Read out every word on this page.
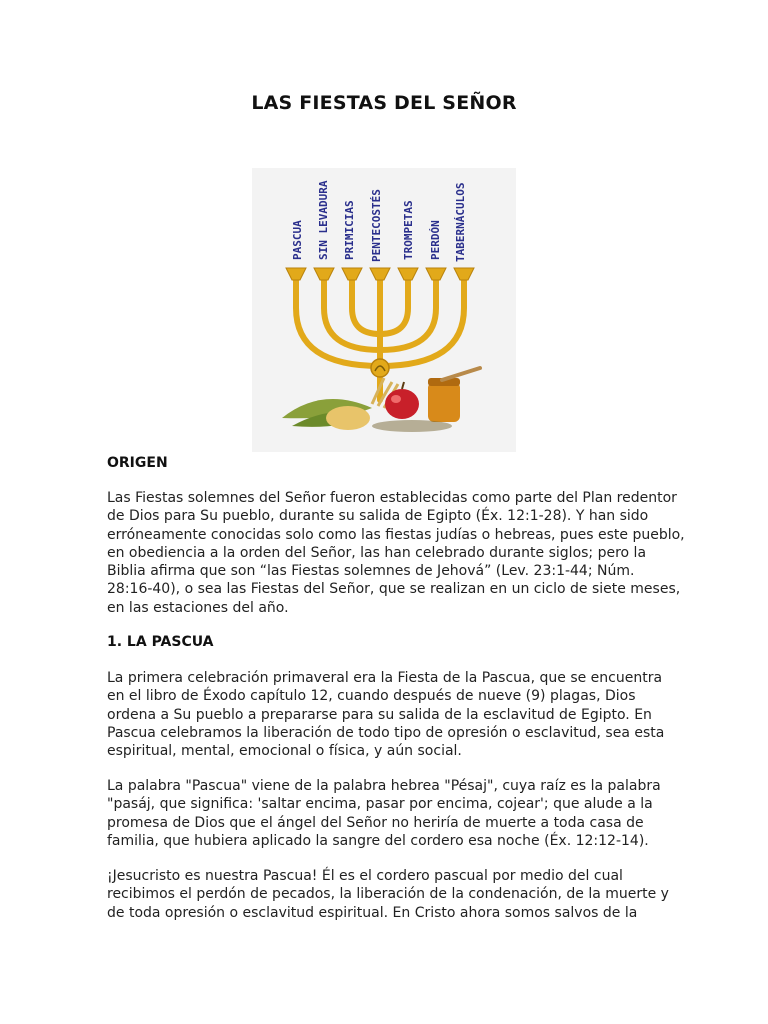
LAS FIESTAS DEL SEÑOR
PASCUA SIN LEVADURA PRIMICIAS PENTECOSTÉS TROMPETAS PERDÓN TABERNÁCULOS
ORIGEN
Las Fiestas solemnes del Señor fueron establecidas como parte del Plan redentor
de Dios para Su pueblo, durante su salida de Egipto (Éx. 12:1-28). Y han sido
erróneamente conocidas solo como las fiestas judías o hebreas, pues este pueblo,
en obediencia a la orden del Señor, las han celebrado durante siglos; pero la
Biblia afirma que son “las Fiestas solemnes de Jehová” (Lev. 23:1-44; Núm.
28:16-40), o sea las Fiestas del Señor, que se realizan en un ciclo de siete meses,
en las estaciones del año.
1. LA PASCUA
La primera celebración primaveral era la Fiesta de la Pascua, que se encuentra
en el libro de Éxodo capítulo 12, cuando después de nueve (9) plagas, Dios
ordena a Su pueblo a prepararse para su salida de la esclavitud de Egipto. En
Pascua celebramos la liberación de todo tipo de opresión o esclavitud, sea esta
espiritual, mental, emocional o física, y aún social.
La palabra "Pascua" viene de la palabra hebrea "Pésaj", cuya raíz es la palabra
"pasáj, que significa: 'saltar encima, pasar por encima, cojear'; que alude a la
promesa de Dios que el ángel del Señor no heriría de muerte a toda casa de
familia, que hubiera aplicado la sangre del cordero esa noche (Éx. 12:12-14).
¡Jesucristo es nuestra Pascua! Él es el cordero pascual por medio del cual
recibimos el perdón de pecados, la liberación de la condenación, de la muerte y
de toda opresión o esclavitud espiritual. En Cristo ahora somos salvos de la
